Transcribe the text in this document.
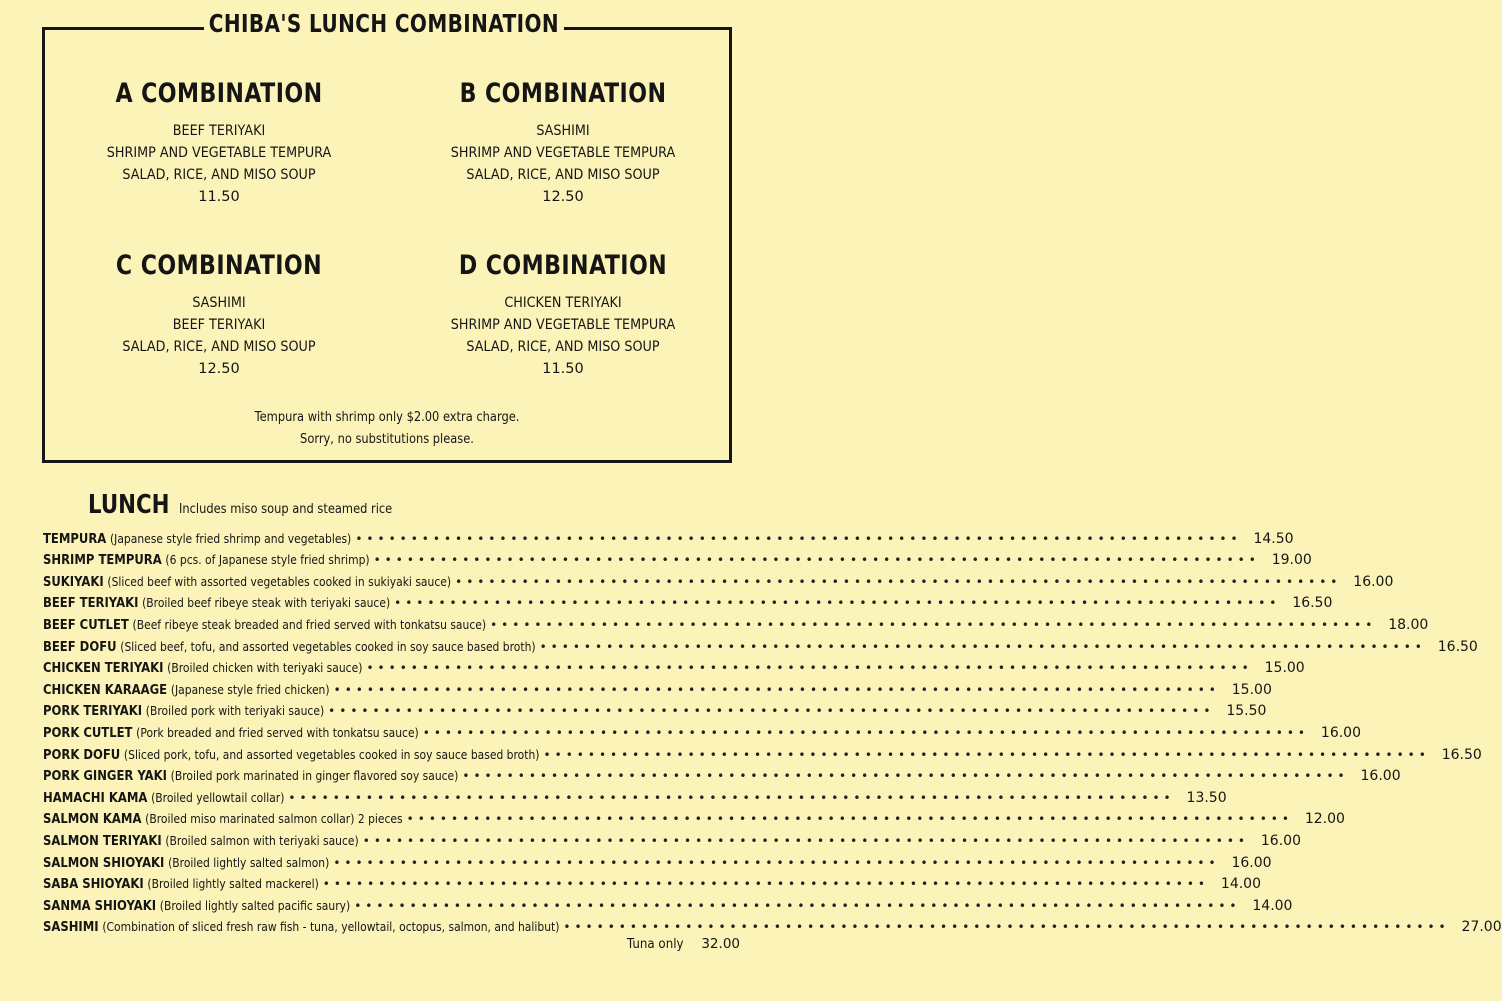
A COMBINATION
BEEF TERIYAKI
SHRIMP AND VEGETABLE TEMPURA
SALAD, RICE, AND MISO SOUP
11.50
B COMBINATION
SASHIMI
SHRIMP AND VEGETABLE TEMPURA
SALAD, RICE, AND MISO SOUP
12.50
C COMBINATION
SASHIMI
BEEF TERIYAKI
SALAD, RICE, AND MISO SOUP
12.50
D COMBINATION
CHICKEN TERIYAKI
SHRIMP AND VEGETABLE TEMPURA
SALAD, RICE, AND MISO SOUP
11.50
Tempura with shrimp only $2.00 extra charge.
Sorry, no substitutions please.
CHIBA'S LUNCH COMBINATION
LUNCH Includes miso soup and steamed rice
TEMPURA (Japanese style fried shrimp and vegetables) •••••••••••••••••••••••••••••••••••••••••••••••••••••••••••••••••••••••••••••••• 14.50
SHRIMP TEMPURA (6 pcs. of Japanese style fried shrimp) •••••••••••••••••••••••••••••••••••••••••••••••••••••••••••••••••••••••••••••••• 19.00
SUKIYAKI (Sliced beef with assorted vegetables cooked in sukiyaki sauce) •••••••••••••••••••••••••••••••••••••••••••••••••••••••••••••••••••••••••••••••• 16.00
BEEF TERIYAKI (Broiled beef ribeye steak with teriyaki sauce) •••••••••••••••••••••••••••••••••••••••••••••••••••••••••••••••••••••••••••••••• 16.50
BEEF CUTLET (Beef ribeye steak breaded and fried served with tonkatsu sauce) •••••••••••••••••••••••••••••••••••••••••••••••••••••••••••••••••••••••••••••••• 18.00
BEEF DOFU (Sliced beef, tofu, and assorted vegetables cooked in soy sauce based broth) •••••••••••••••••••••••••••••••••••••••••••••••••••••••••••••••••••••••••••••••• 16.50
CHICKEN TERIYAKI (Broiled chicken with teriyaki sauce) •••••••••••••••••••••••••••••••••••••••••••••••••••••••••••••••••••••••••••••••• 15.00
CHICKEN KARAAGE (Japanese style fried chicken) •••••••••••••••••••••••••••••••••••••••••••••••••••••••••••••••••••••••••••••••• 15.00
PORK TERIYAKI (Broiled pork with teriyaki sauce) •••••••••••••••••••••••••••••••••••••••••••••••••••••••••••••••••••••••••••••••• 15.50
PORK CUTLET (Pork breaded and fried served with tonkatsu sauce) •••••••••••••••••••••••••••••••••••••••••••••••••••••••••••••••••••••••••••••••• 16.00
PORK DOFU (Sliced pork, tofu, and assorted vegetables cooked in soy sauce based broth) •••••••••••••••••••••••••••••••••••••••••••••••••••••••••••••••••••••••••••••••• 16.50
PORK GINGER YAKI (Broiled pork marinated in ginger flavored soy sauce) •••••••••••••••••••••••••••••••••••••••••••••••••••••••••••••••••••••••••••••••• 16.00
HAMACHI KAMA (Broiled yellowtail collar) •••••••••••••••••••••••••••••••••••••••••••••••••••••••••••••••••••••••••••••••• 13.50
SALMON KAMA (Broiled miso marinated salmon collar) 2 pieces •••••••••••••••••••••••••••••••••••••••••••••••••••••••••••••••••••••••••••••••• 12.00
SALMON TERIYAKI (Broiled salmon with teriyaki sauce) •••••••••••••••••••••••••••••••••••••••••••••••••••••••••••••••••••••••••••••••• 16.00
SALMON SHIOYAKI (Broiled lightly salted salmon) •••••••••••••••••••••••••••••••••••••••••••••••••••••••••••••••••••••••••••••••• 16.00
SABA SHIOYAKI (Broiled lightly salted mackerel) •••••••••••••••••••••••••••••••••••••••••••••••••••••••••••••••••••••••••••••••• 14.00
SANMA SHIOYAKI (Broiled lightly salted pacific saury) •••••••••••••••••••••••••••••••••••••••••••••••••••••••••••••••••••••••••••••••• 14.00
SASHIMI (Combination of sliced fresh raw fish - tuna, yellowtail, octopus, salmon, and halibut) •••••••••••••••••••••••••••••••••••••••••••••••••••••••••••••••••••••••••••••••• 27.00
Tuna only 32.00
